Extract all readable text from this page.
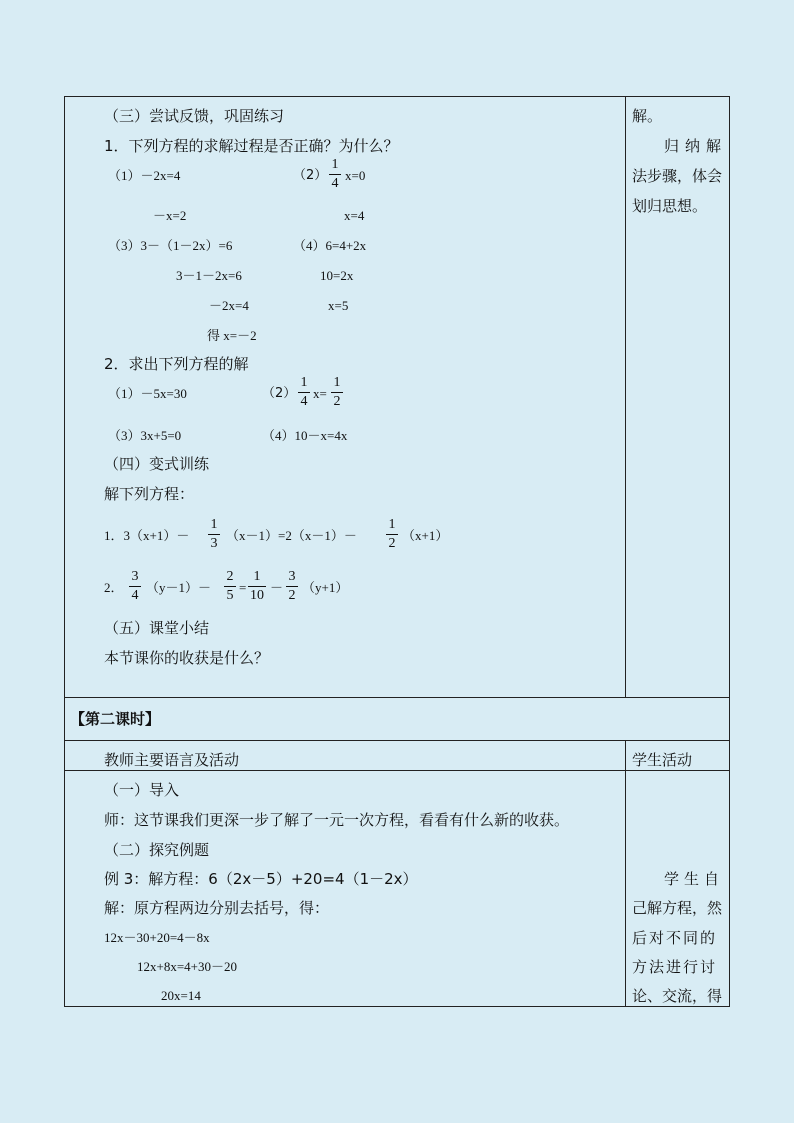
（三）尝试反馈，巩固练习
1．下列方程的求解过程是否正确？为什么？
（1）－2x=4	（2）
1
4
x=0
－x=2	x=4
（3）3－（1－2x）=6	（4）6=4+2x
3－1－2x=6	10=2x
－2x=4	x=5
得 x=－2
2．求出下列方程的解
（1）－5x=30	（2）
1
4
x=
1
2
（3）3x+5=0	（4）10－x=4x
（四）变式训练
解下列方程：
1．3（x+1）－
1
3
（x－1）=2（x－1）－
1
2
（x+1）
2．
3
4
（y－1）－
2
5
=
1
10
－
3
2
（y+1）
（五）课堂小结
本节课你的收获是什么？
解。
归纳解
法步骤，体会
划归思想。
【第二课时】
教师主要语言及活动	学生活动
（一）导入
师：这节课我们更深一步了解了一元一次方程，看看有什么新的收获。
（二）探究例题
例 3：解方程：6（2x－5）+20=4（1－2x）
解：原方程两边分别去括号，得：
12x－30+20=4－8x
12x+8x=4+30－20
20x=14
学生自
己解方程，然
后对不同的
方法进行讨
论、交流，得
